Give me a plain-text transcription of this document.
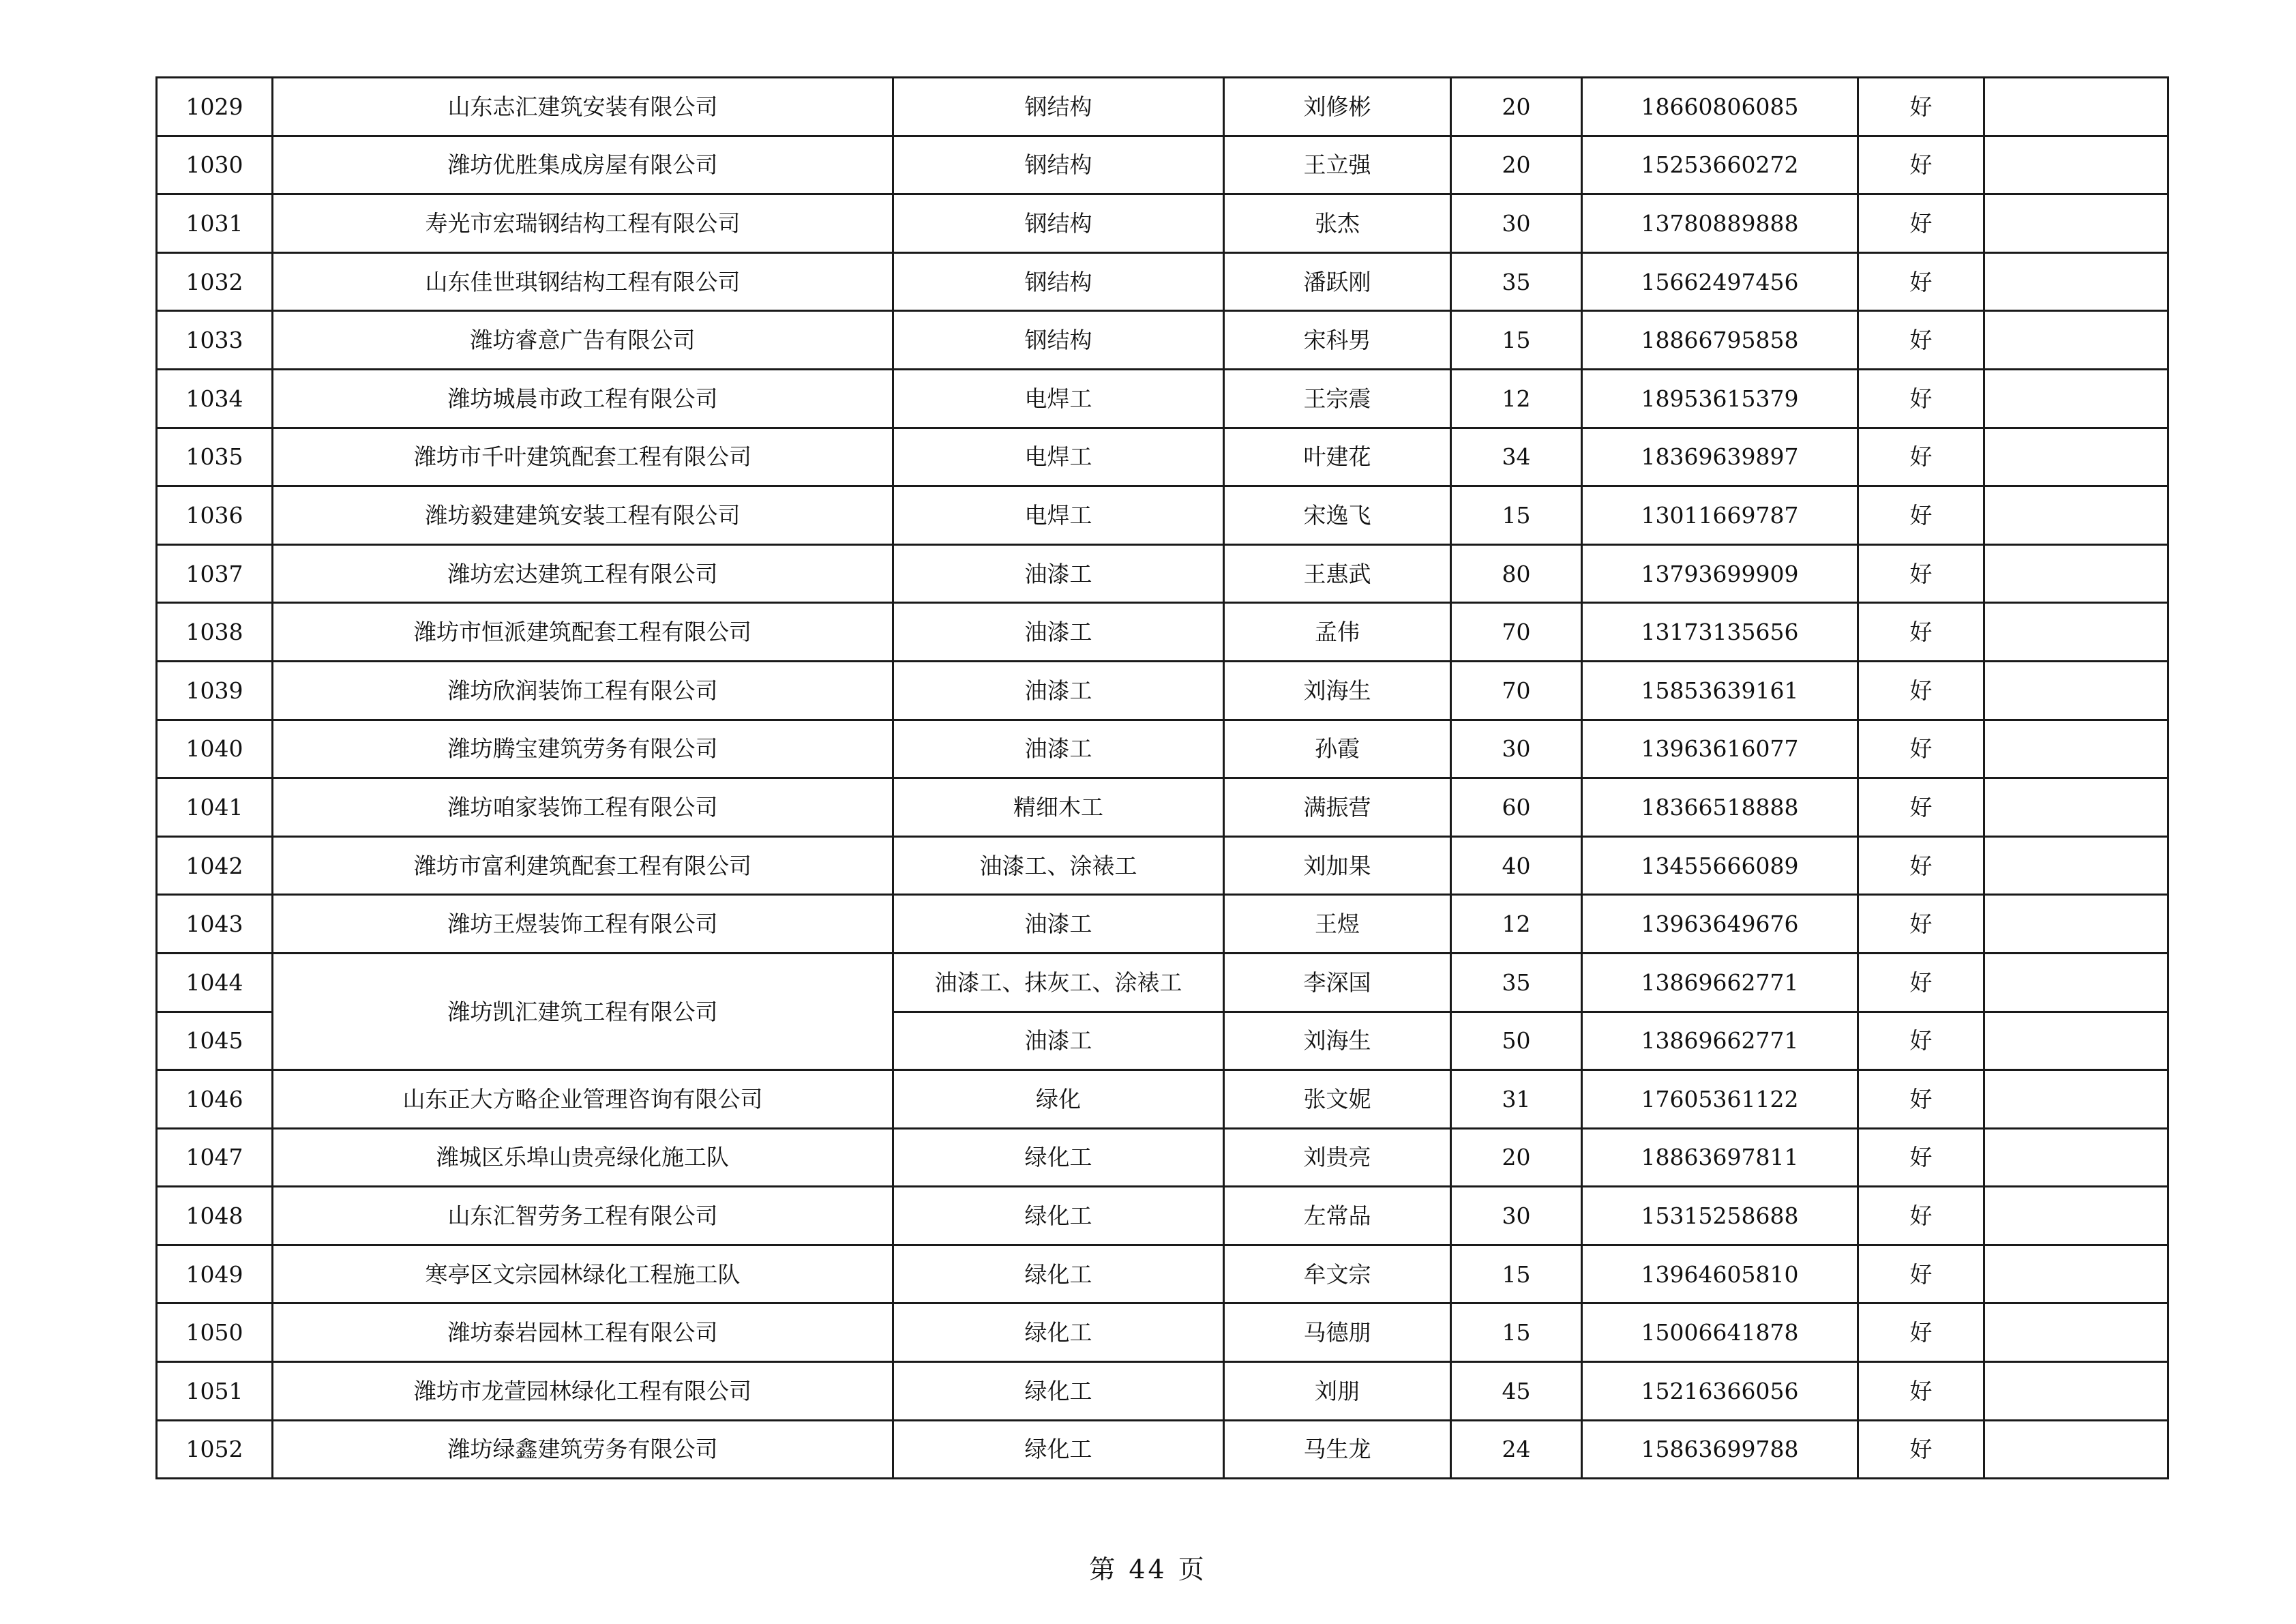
1029	山东志汇建筑安装有限公司	钢结构	刘修彬	20	18660806085	好	
1030	潍坊优胜集成房屋有限公司	钢结构	王立强	20	15253660272	好	
1031	寿光市宏瑞钢结构工程有限公司	钢结构	张杰	30	13780889888	好	
1032	山东佳世琪钢结构工程有限公司	钢结构	潘跃刚	35	15662497456	好	
1033	潍坊睿意广告有限公司	钢结构	宋科男	15	18866795858	好	
1034	潍坊城晨市政工程有限公司	电焊工	王宗震	12	18953615379	好	
1035	潍坊市千叶建筑配套工程有限公司	电焊工	叶建花	34	18369639897	好	
1036	潍坊毅建建筑安装工程有限公司	电焊工	宋逸飞	15	13011669787	好	
1037	潍坊宏达建筑工程有限公司	油漆工	王惠武	80	13793699909	好	
1038	潍坊市恒派建筑配套工程有限公司	油漆工	孟伟	70	13173135656	好	
1039	潍坊欣润装饰工程有限公司	油漆工	刘海生	70	15853639161	好	
1040	潍坊腾宝建筑劳务有限公司	油漆工	孙霞	30	13963616077	好	
1041	潍坊咱家装饰工程有限公司	精细木工	满振营	60	18366518888	好	
1042	潍坊市富利建筑配套工程有限公司	油漆工、涂裱工	刘加果	40	13455666089	好	
1043	潍坊王煜装饰工程有限公司	油漆工	王煜	12	13963649676	好	
1044	潍坊凯汇建筑工程有限公司	油漆工、抹灰工、涂裱工	李深国	35	13869662771	好	
1045		油漆工	刘海生	50	13869662771	好	
1046	山东正大方略企业管理咨询有限公司	绿化	张文妮	31	17605361122	好	
1047	潍城区乐埠山贵亮绿化施工队	绿化工	刘贵亮	20	18863697811	好	
1048	山东汇智劳务工程有限公司	绿化工	左常品	30	15315258688	好	
1049	寒亭区文宗园林绿化工程施工队	绿化工	牟文宗	15	13964605810	好	
1050	潍坊泰岩园林工程有限公司	绿化工	马德朋	15	15006641878	好	
1051	潍坊市龙萱园林绿化工程有限公司	绿化工	刘朋	45	15216366056	好	
1052	潍坊绿鑫建筑劳务有限公司	绿化工	马生龙	24	15863699788	好	
第 44 页
